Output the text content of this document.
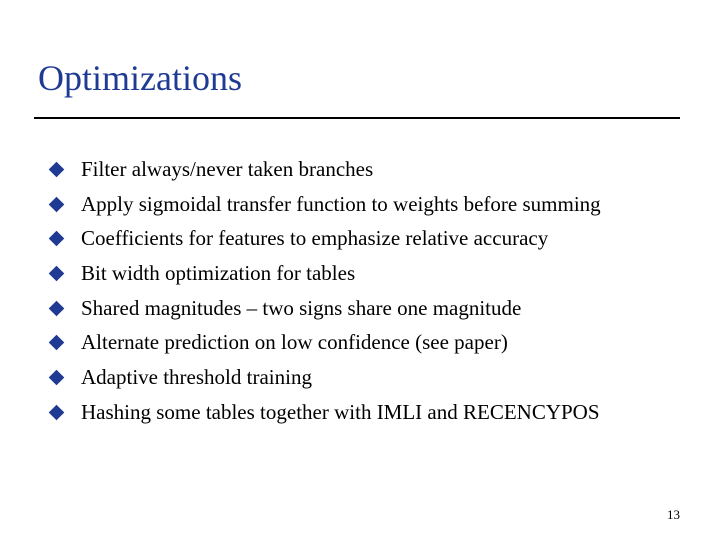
Optimizations
Filter always/never taken branches
Apply sigmoidal transfer function to weights before summing
Coefficients for features to emphasize relative accuracy
Bit width optimization for tables
Shared magnitudes – two signs share one magnitude
Alternate prediction on low confidence (see paper)
Adaptive threshold training
Hashing some tables together with IMLI and RECENCYPOS
13
